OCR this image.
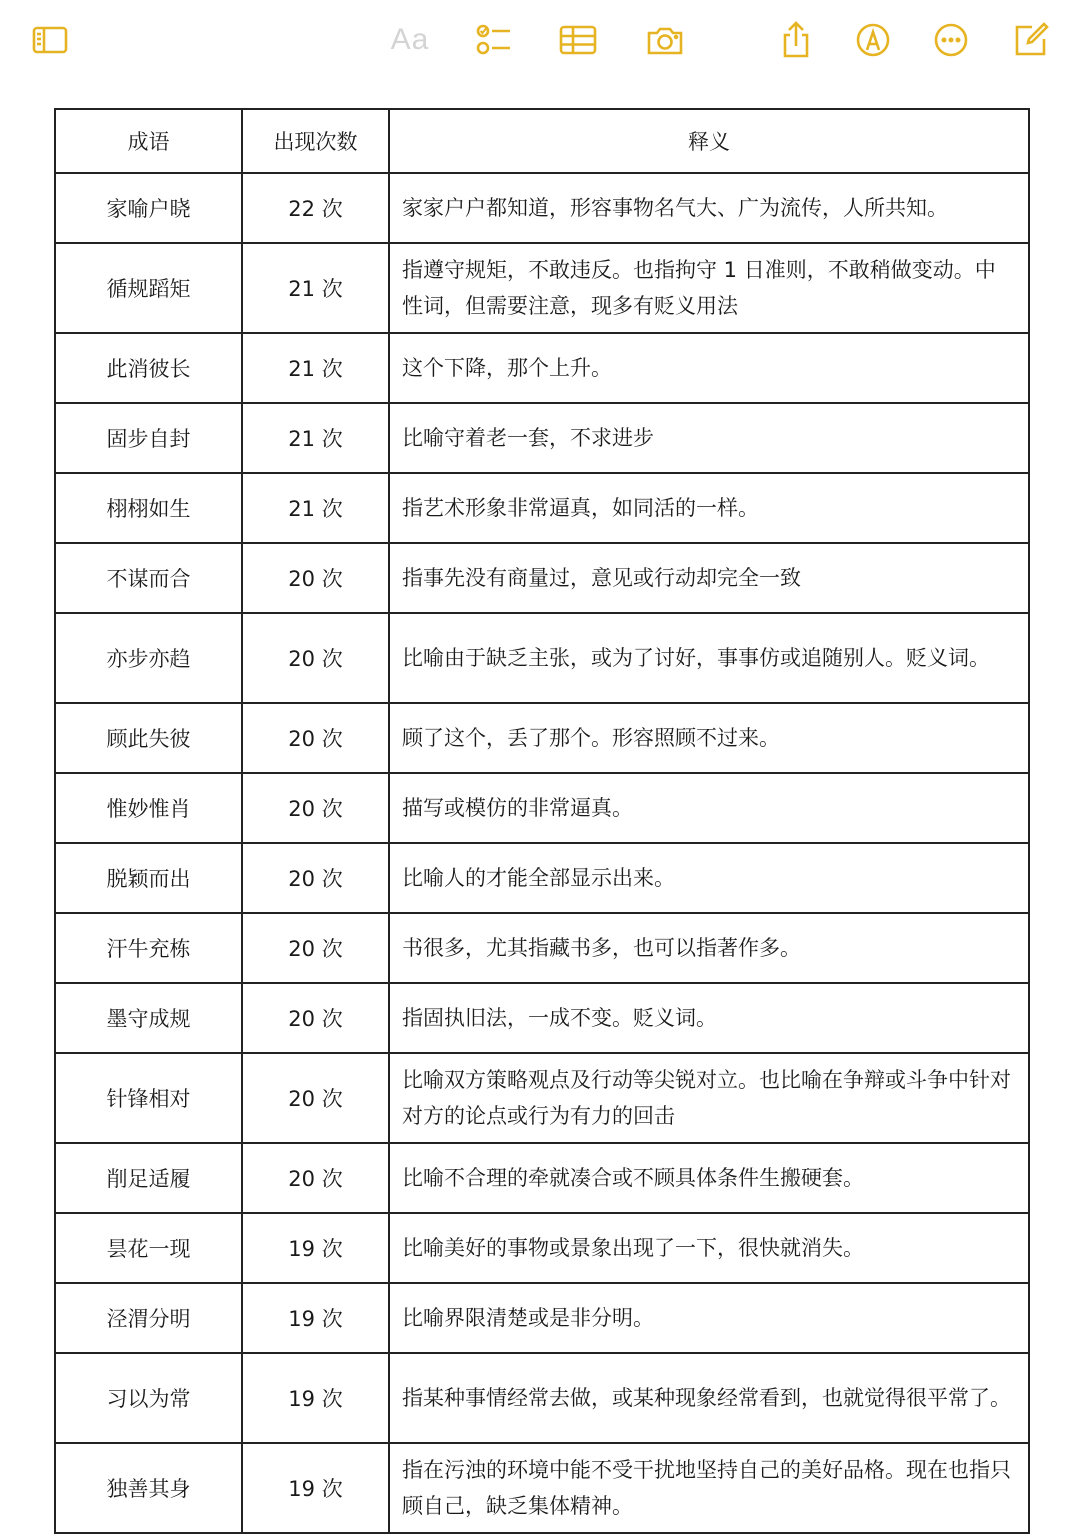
Aa
成语	出现次数	释义
家喻户晓	22 次	家家户户都知道，形容事物名气大、广为流传，人所共知。
循规蹈矩	21 次	指遵守规矩，不敢违反。也指拘守 1 日准则，不敢稍做变动。中性词，但需要注意，现多有贬义用法
此消彼长	21 次	这个下降，那个上升。
固步自封	21 次	比喻守着老一套，不求进步
栩栩如生	21 次	指艺术形象非常逼真，如同活的一样。
不谋而合	20 次	指事先没有商量过，意见或行动却完全一致
亦步亦趋	20 次	比喻由于缺乏主张，或为了讨好，事事仿或追随别人。贬义词。
顾此失彼	20 次	顾了这个，丢了那个。形容照顾不过来。
惟妙惟肖	20 次	描写或模仿的非常逼真。
脱颖而出	20 次	比喻人的才能全部显示出来。
汗牛充栋	20 次	书很多，尤其指藏书多，也可以指著作多。
墨守成规	20 次	指固执旧法，一成不变。贬义词。
针锋相对	20 次	比喻双方策略观点及行动等尖锐对立。也比喻在争辩或斗争中针对对方的论点或行为有力的回击
削足适履	20 次	比喻不合理的牵就凑合或不顾具体条件生搬硬套。
昙花一现	19 次	比喻美好的事物或景象出现了一下，很快就消失。
泾渭分明	19 次	比喻界限清楚或是非分明。
习以为常	19 次	指某种事情经常去做，或某种现象经常看到，也就觉得很平常了。
独善其身	19 次	指在污浊的环境中能不受干扰地坚持自己的美好品格。现在也指只顾自己，缺乏集体精神。
